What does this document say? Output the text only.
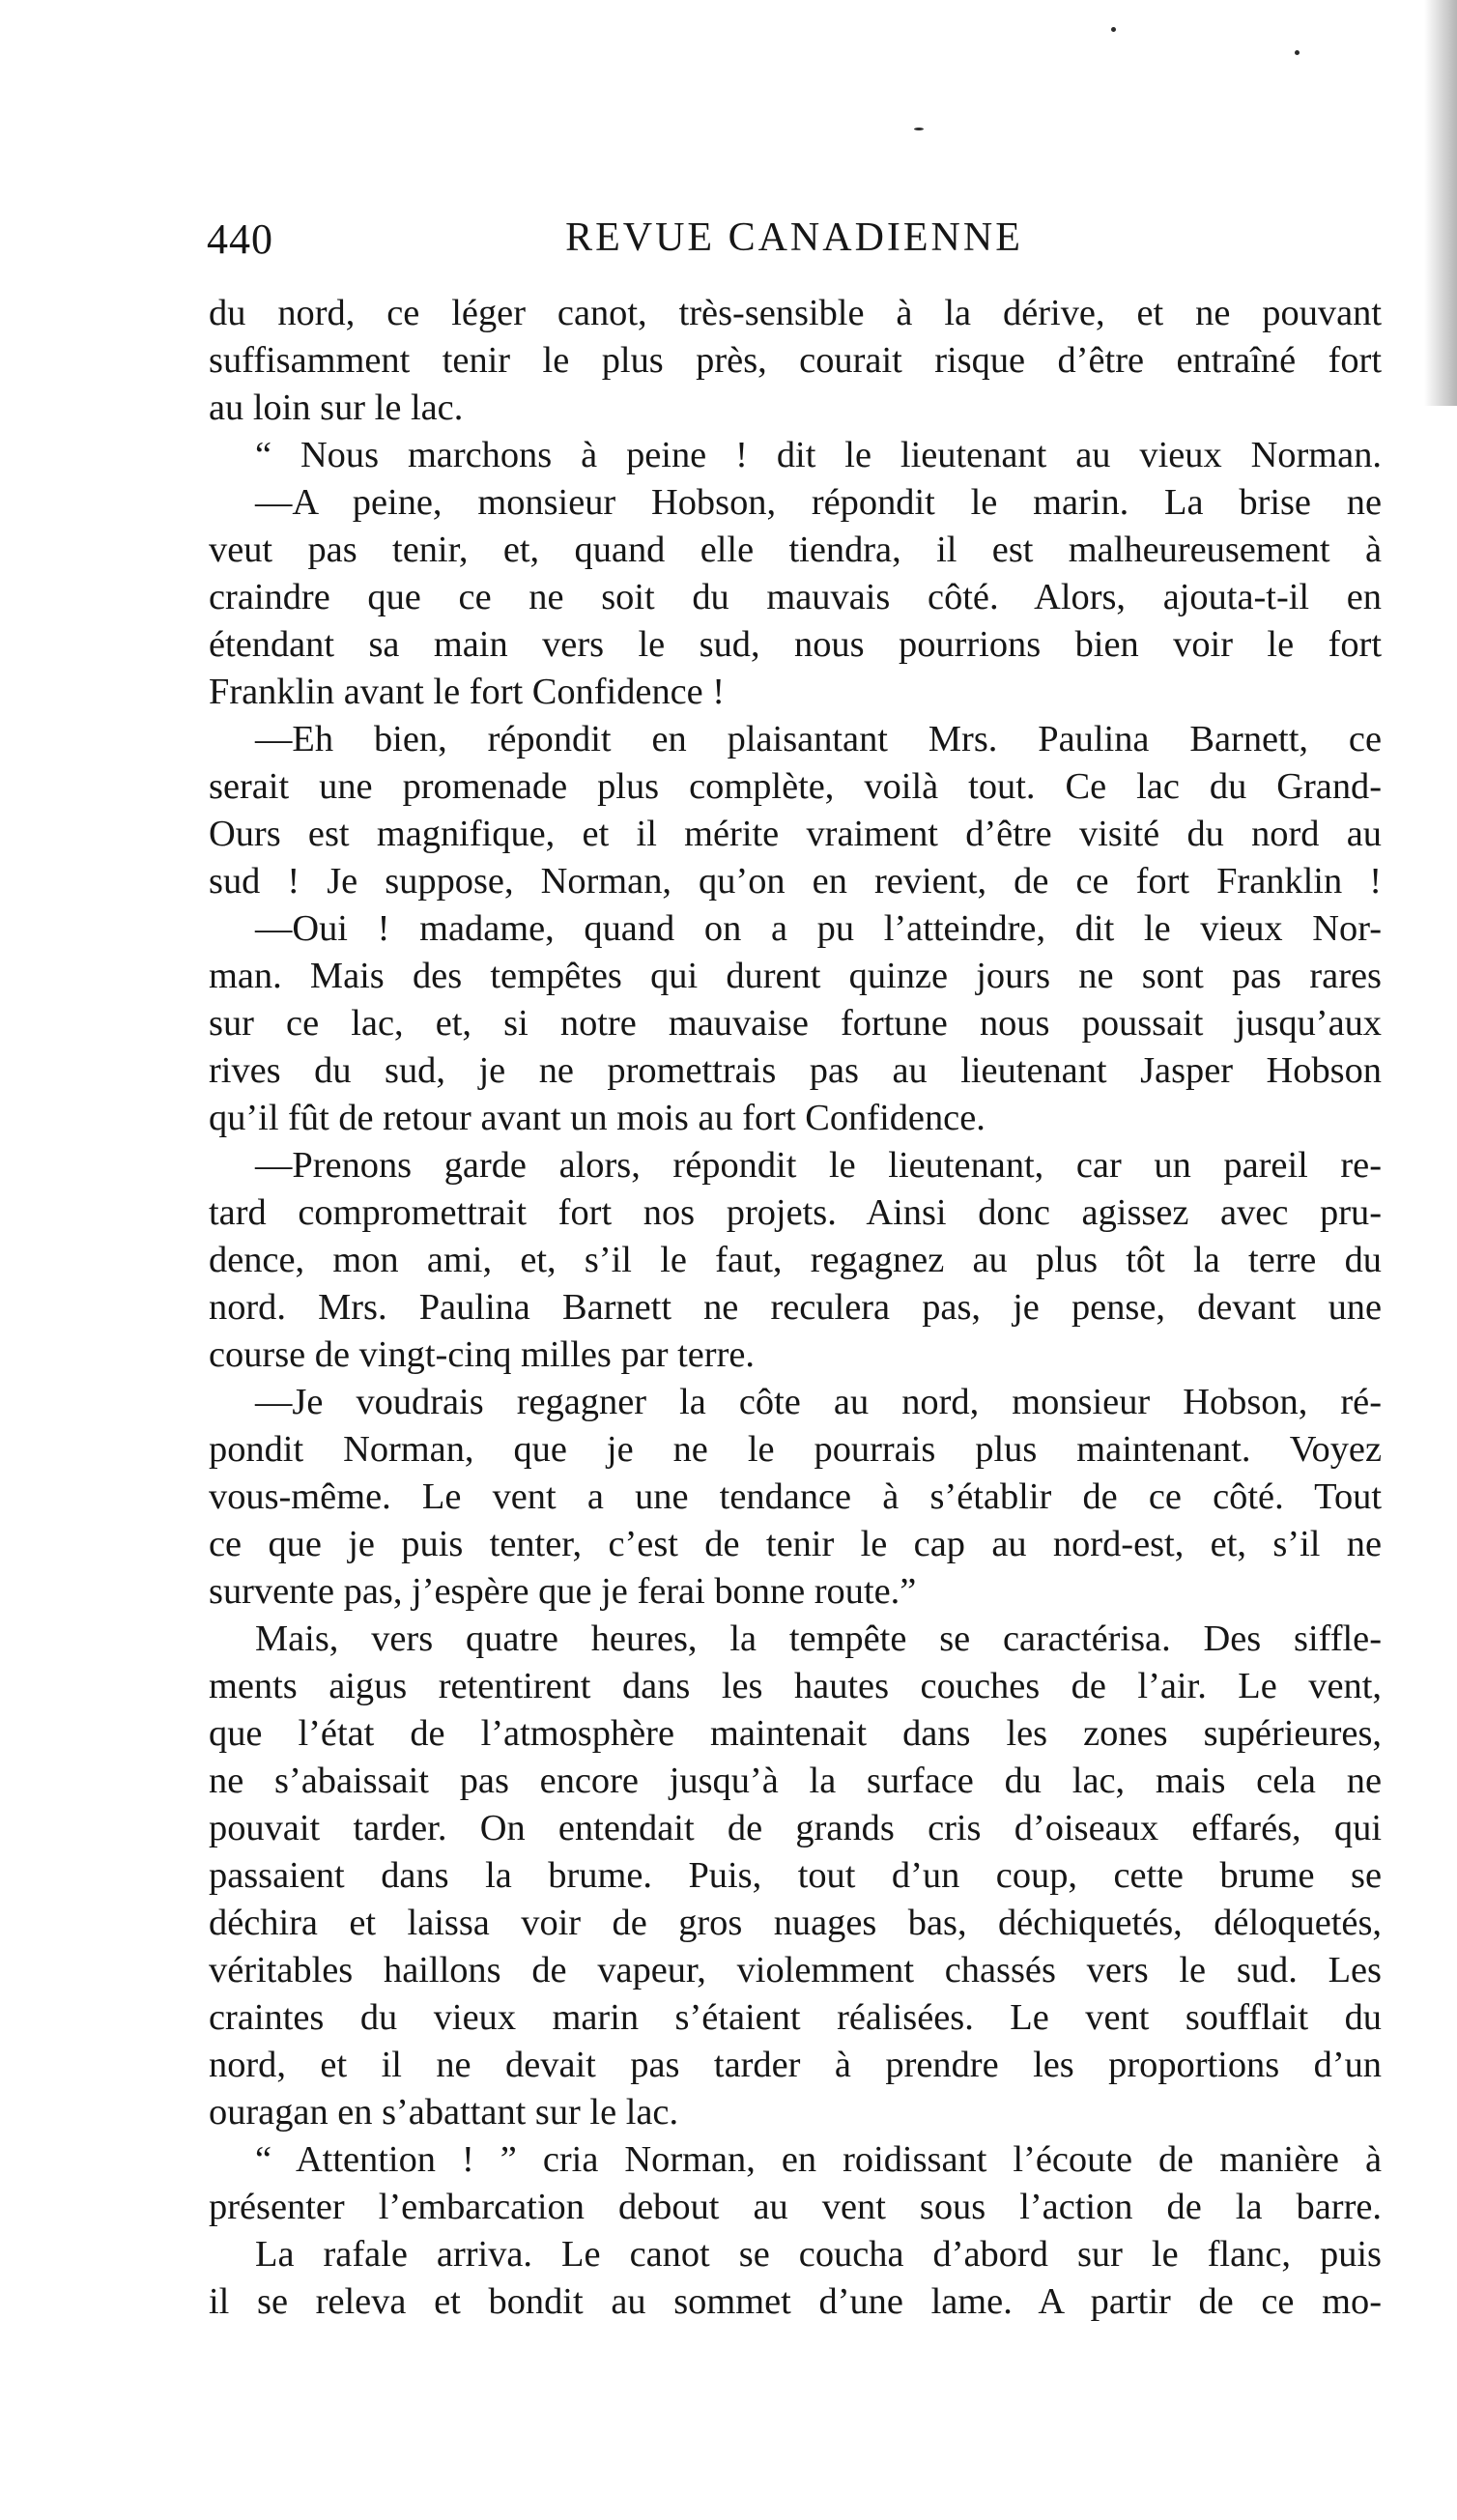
440	REVUE CANADIENNE
du nord, ce léger canot, très-sensible à la dérive, et ne pouvant
suffisamment tenir le plus près, courait risque d’être entraîné fort
au loin sur le lac.
“ Nous marchons à peine ! dit le lieutenant au vieux Norman.
—A peine, monsieur Hobson, répondit le marin. La brise ne
veut pas tenir, et, quand elle tiendra, il est malheureusement à
craindre que ce ne soit du mauvais côté. Alors, ajouta-t-il en
étendant sa main vers le sud, nous pourrions bien voir le fort
Franklin avant le fort Confidence !
—Eh bien, répondit en plaisantant Mrs. Paulina Barnett, ce
serait une promenade plus complète, voilà tout. Ce lac du Grand-
Ours est magnifique, et il mérite vraiment d’être visité du nord au
sud ! Je suppose, Norman, qu’on en revient, de ce fort Franklin !
—Oui ! madame, quand on a pu l’atteindre, dit le vieux Nor-
man. Mais des tempêtes qui durent quinze jours ne sont pas rares
sur ce lac, et, si notre mauvaise fortune nous poussait jusqu’aux
rives du sud, je ne promettrais pas au lieutenant Jasper Hobson
qu’il fût de retour avant un mois au fort Confidence.
—Prenons garde alors, répondit le lieutenant, car un pareil re-
tard compromettrait fort nos projets. Ainsi donc agissez avec pru-
dence, mon ami, et, s’il le faut, regagnez au plus tôt la terre du
nord. Mrs. Paulina Barnett ne reculera pas, je pense, devant une
course de vingt-cinq milles par terre.
—Je voudrais regagner la côte au nord, monsieur Hobson, ré-
pondit Norman, que je ne le pourrais plus maintenant. Voyez
vous-même. Le vent a une tendance à s’établir de ce côté. Tout
ce que je puis tenter, c’est de tenir le cap au nord-est, et, s’il ne
survente pas, j’espère que je ferai bonne route.”
Mais, vers quatre heures, la tempête se caractérisa. Des siffle-
ments aigus retentirent dans les hautes couches de l’air. Le vent,
que l’état de l’atmosphère maintenait dans les zones supérieures,
ne s’abaissait pas encore jusqu’à la surface du lac, mais cela ne
pouvait tarder. On entendait de grands cris d’oiseaux effarés, qui
passaient dans la brume. Puis, tout d’un coup, cette brume se
déchira et laissa voir de gros nuages bas, déchiquetés, déloquetés,
véritables haillons de vapeur, violemment chassés vers le sud. Les
craintes du vieux marin s’étaient réalisées. Le vent soufflait du
nord, et il ne devait pas tarder à prendre les proportions d’un
ouragan en s’abattant sur le lac.
“ Attention ! ” cria Norman, en roidissant l’écoute de manière à
présenter l’embarcation debout au vent sous l’action de la barre.
La rafale arriva. Le canot se coucha d’abord sur le flanc, puis
il se releva et bondit au sommet d’une lame. A partir de ce mo-
